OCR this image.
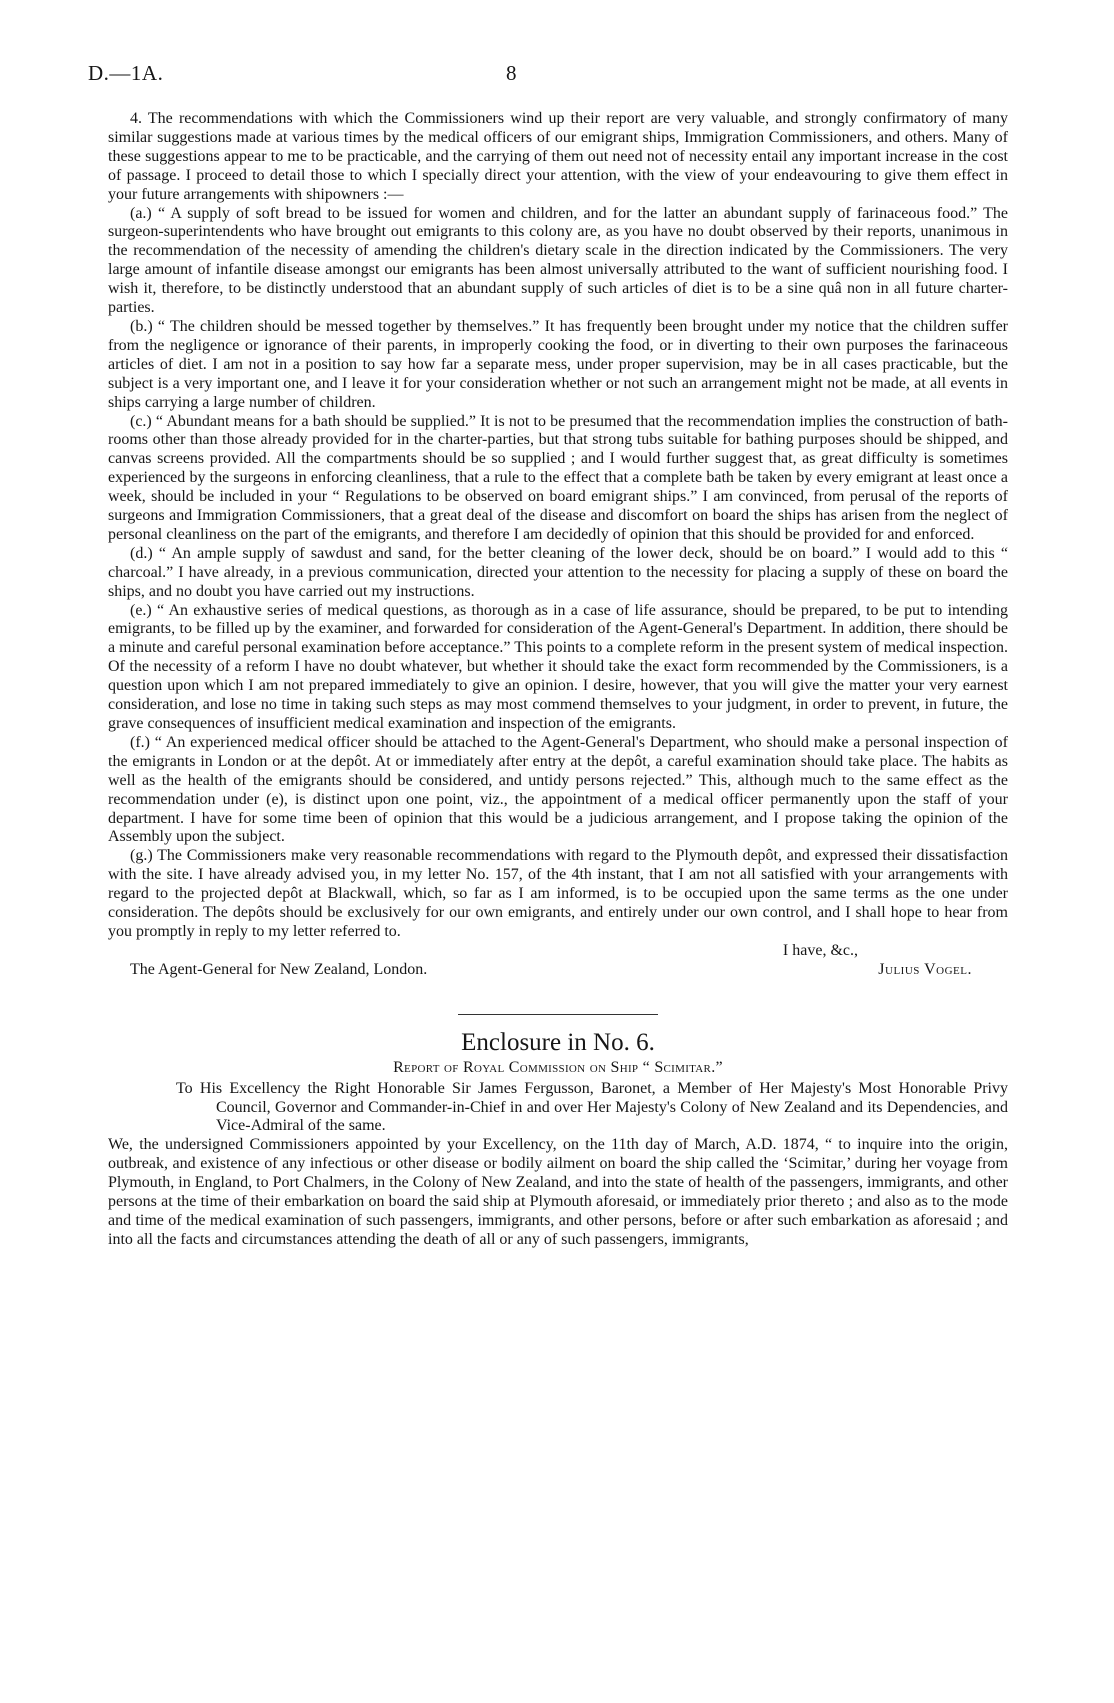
D.—1A.	8

4. The recommendations with which the Commissioners wind up their report are very valuable, and strongly confirmatory of many similar suggestions made at various times by the medical officers of our emigrant ships, Immigration Commissioners, and others. Many of these suggestions appear to me to be practicable, and the carrying of them out need not of necessity entail any important increase in the cost of passage. I proceed to detail those to which I specially direct your attention, with the view of your endeavouring to give them effect in your future arrangements with shipowners :—

(a.) “ A supply of soft bread to be issued for women and children, and for the latter an abundant supply of farinaceous food.” The surgeon-superintendents who have brought out emigrants to this colony are, as you have no doubt observed by their reports, unanimous in the recommendation of the necessity of amending the children's dietary scale in the direction indicated by the Commissioners. The very large amount of infantile disease amongst our emigrants has been almost universally attributed to the want of sufficient nourishing food. I wish it, therefore, to be distinctly understood that an abundant supply of such articles of diet is to be a sine quâ non in all future charter-parties.

(b.) “ The children should be messed together by themselves.” It has frequently been brought under my notice that the children suffer from the negligence or ignorance of their parents, in improperly cooking the food, or in diverting to their own purposes the farinaceous articles of diet. I am not in a position to say how far a separate mess, under proper supervision, may be in all cases practicable, but the subject is a very important one, and I leave it for your consideration whether or not such an arrangement might not be made, at all events in ships carrying a large number of children.

(c.) “ Abundant means for a bath should be supplied.” It is not to be presumed that the recommendation implies the construction of bath-rooms other than those already provided for in the charter-parties, but that strong tubs suitable for bathing purposes should be shipped, and canvas screens provided. All the compartments should be so supplied ; and I would further suggest that, as great difficulty is sometimes experienced by the surgeons in enforcing cleanliness, that a rule to the effect that a complete bath be taken by every emigrant at least once a week, should be included in your “ Regulations to be observed on board emigrant ships.” I am convinced, from perusal of the reports of surgeons and Immigration Commissioners, that a great deal of the disease and discomfort on board the ships has arisen from the neglect of personal cleanliness on the part of the emigrants, and therefore I am decidedly of opinion that this should be provided for and enforced.

(d.) “ An ample supply of sawdust and sand, for the better cleaning of the lower deck, should be on board.” I would add to this “ charcoal.” I have already, in a previous communication, directed your attention to the necessity for placing a supply of these on board the ships, and no doubt you have carried out my instructions.

(e.) “ An exhaustive series of medical questions, as thorough as in a case of life assurance, should be prepared, to be put to intending emigrants, to be filled up by the examiner, and forwarded for consideration of the Agent-General's Department. In addition, there should be a minute and careful personal examination before acceptance.” This points to a complete reform in the present system of medical inspection. Of the necessity of a reform I have no doubt whatever, but whether it should take the exact form recommended by the Commissioners, is a question upon which I am not prepared immediately to give an opinion. I desire, however, that you will give the matter your very earnest consideration, and lose no time in taking such steps as may most commend themselves to your judgment, in order to prevent, in future, the grave consequences of insufficient medical examination and inspection of the emigrants.

(f.) “ An experienced medical officer should be attached to the Agent-General's Department, who should make a personal inspection of the emigrants in London or at the depôt. At or immediately after entry at the depôt, a careful examination should take place. The habits as well as the health of the emigrants should be considered, and untidy persons rejected.” This, although much to the same effect as the recommendation under (e), is distinct upon one point, viz., the appointment of a medical officer permanently upon the staff of your department. I have for some time been of opinion that this would be a judicious arrangement, and I propose taking the opinion of the Assembly upon the subject.

(g.) The Commissioners make very reasonable recommendations with regard to the Plymouth depôt, and expressed their dissatisfaction with the site. I have already advised you, in my letter No. 157, of the 4th instant, that I am not all satisfied with your arrangements with regard to the projected depôt at Blackwall, which, so far as I am informed, is to be occupied upon the same terms as the one under consideration. The depôts should be exclusively for our own emigrants, and entirely under our own control, and I shall hope to hear from you promptly in reply to my letter referred to.

I have, &c.,
The Agent-General for New Zealand, London.	Julius Vogel.
Enclosure in No. 6.
Report of Royal Commission on Ship “ Scimitar.”

To His Excellency the Right Honorable Sir James Fergusson, Baronet, a Member of Her Majesty's Most Honorable Privy Council, Governor and Commander-in-Chief in and over Her Majesty's Colony of New Zealand and its Dependencies, and Vice-Admiral of the same.

We, the undersigned Commissioners appointed by your Excellency, on the 11th day of March, A.D. 1874, “ to inquire into the origin, outbreak, and existence of any infectious or other disease or bodily ailment on board the ship called the ‘Scimitar,’ during her voyage from Plymouth, in England, to Port Chalmers, in the Colony of New Zealand, and into the state of health of the passengers, immigrants, and other persons at the time of their embarkation on board the said ship at Plymouth aforesaid, or immediately prior thereto ; and also as to the mode and time of the medical examination of such passengers, immigrants, and other persons, before or after such embarkation as aforesaid ; and into all the facts and circumstances attending the death of all or any of such passengers, immigrants,
